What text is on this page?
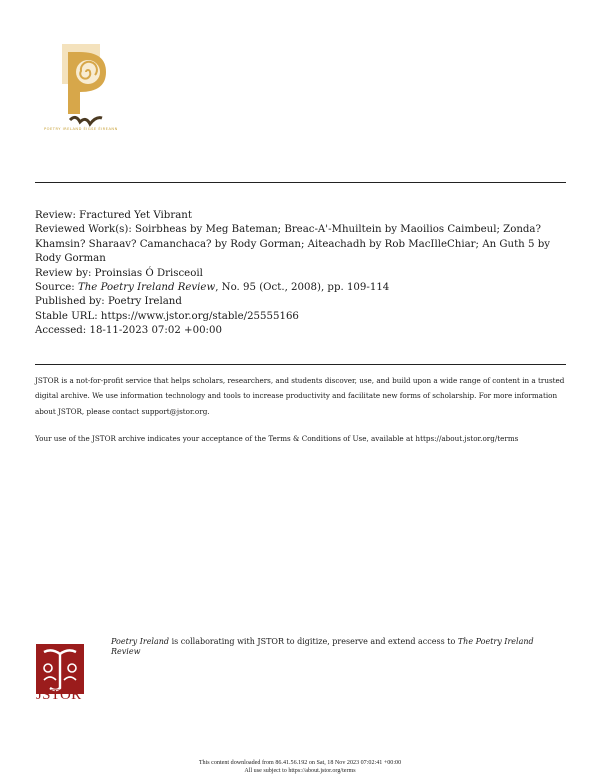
POETRY IRELAND ÉIGSE ÉIREANN
Review: Fractured Yet Vibrant
Reviewed Work(s): Soirbheas by Meg Bateman; Breac-A'-Mhuiltein by Maoilios Caimbeul; Zonda? Khamsin? Sharaav? Camanchaca? by Rody Gorman; Aiteachadh by Rob MacIlleChiar; An Guth 5 by Rody Gorman
Review by: Proinsias Ó Drisceoil
Source: The Poetry Ireland Review, No. 95 (Oct., 2008), pp. 109-114
Published by: Poetry Ireland
Stable URL: https://www.jstor.org/stable/25555166
Accessed: 18-11-2023 07:02 +00:00

JSTOR is a not-for-profit service that helps scholars, researchers, and students discover, use, and build upon a wide range of content in a trusted digital archive. We use information technology and tools to increase productivity and facilitate new forms of scholarship. For more information about JSTOR, please contact support@jstor.org.

Your use of the JSTOR archive indicates your acceptance of the Terms & Conditions of Use, available at https://about.jstor.org/terms

JSTOR
Poetry Ireland is collaborating with JSTOR to digitize, preserve and extend access to The Poetry Ireland Review
This content downloaded from 86.41.56.192 on Sat, 18 Nov 2023 07:02:41 +00:00
All use subject to https://about.jstor.org/terms
